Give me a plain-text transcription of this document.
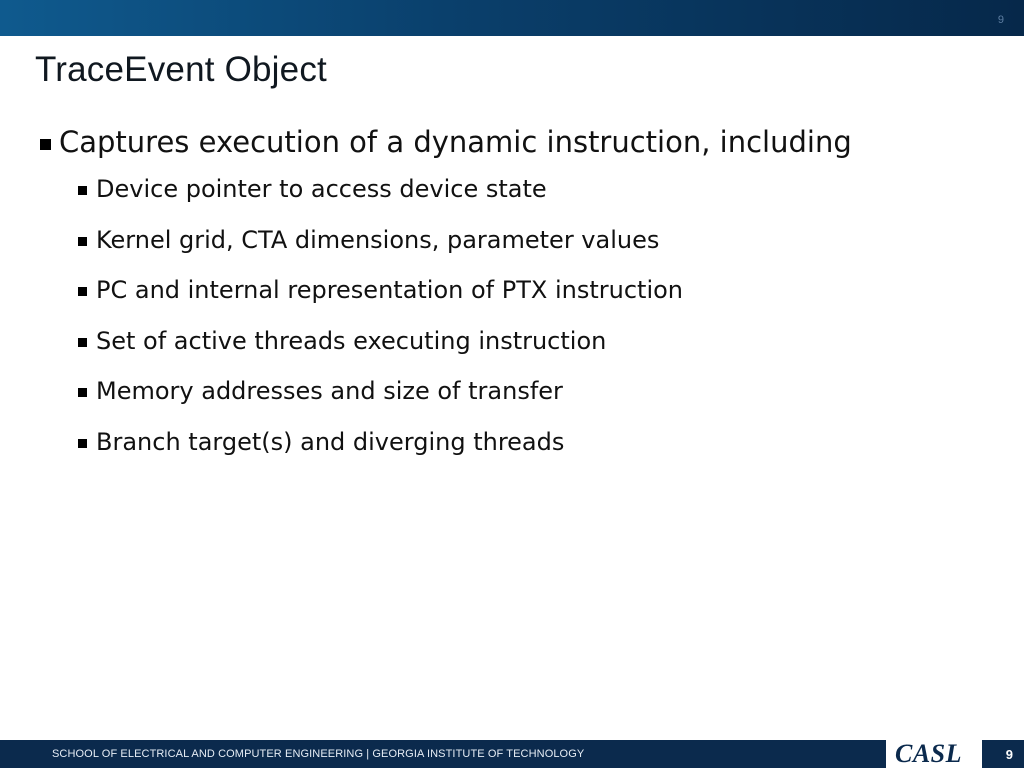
9
TraceEvent Object
Captures execution of a dynamic instruction, including
Device pointer to access device state
Kernel grid, CTA dimensions, parameter values
PC and internal representation of PTX instruction
Set of active threads executing instruction
Memory addresses and size of transfer
Branch target(s) and diverging threads
SCHOOL OF ELECTRICAL AND COMPUTER ENGINEERING | GEORGIA INSTITUTE OF TECHNOLOGY	CASL	9
